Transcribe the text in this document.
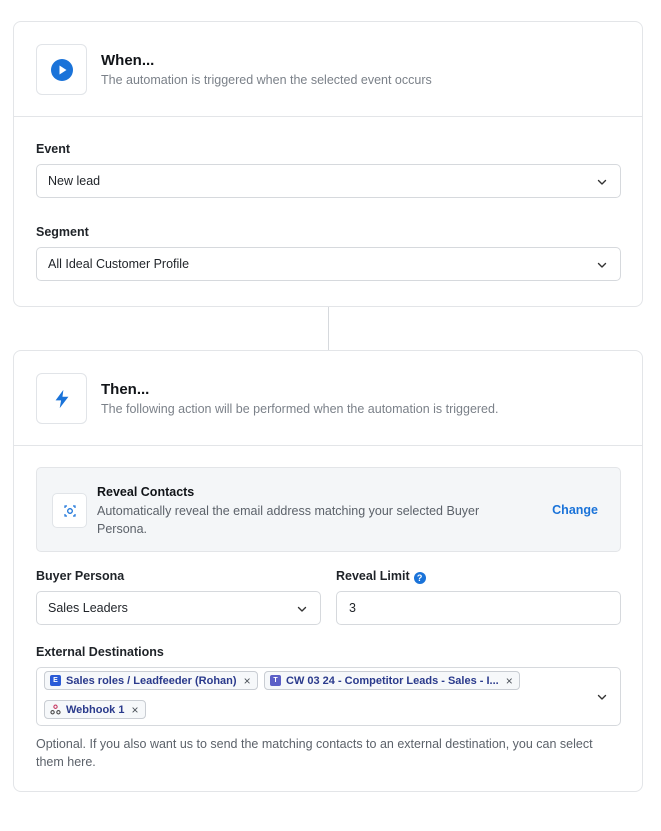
When...
The automation is triggered when the selected event occurs
Event
New lead
Segment
All Ideal Customer Profile
Then...
The following action will be performed when the automation is triggered.
Reveal Contacts
Automatically reveal the email address matching your selected Buyer Persona.
Change
Buyer Persona
Sales Leaders
Reveal Limit ?
3
External Destinations
E Sales roles / Leadfeeder (Rohan) ×	T CW 03 24 - Competitor Leads - Sales - I... ×
Webhook 1 ×
Optional. If you also want us to send the matching contacts to an external destination, you can select them here.
